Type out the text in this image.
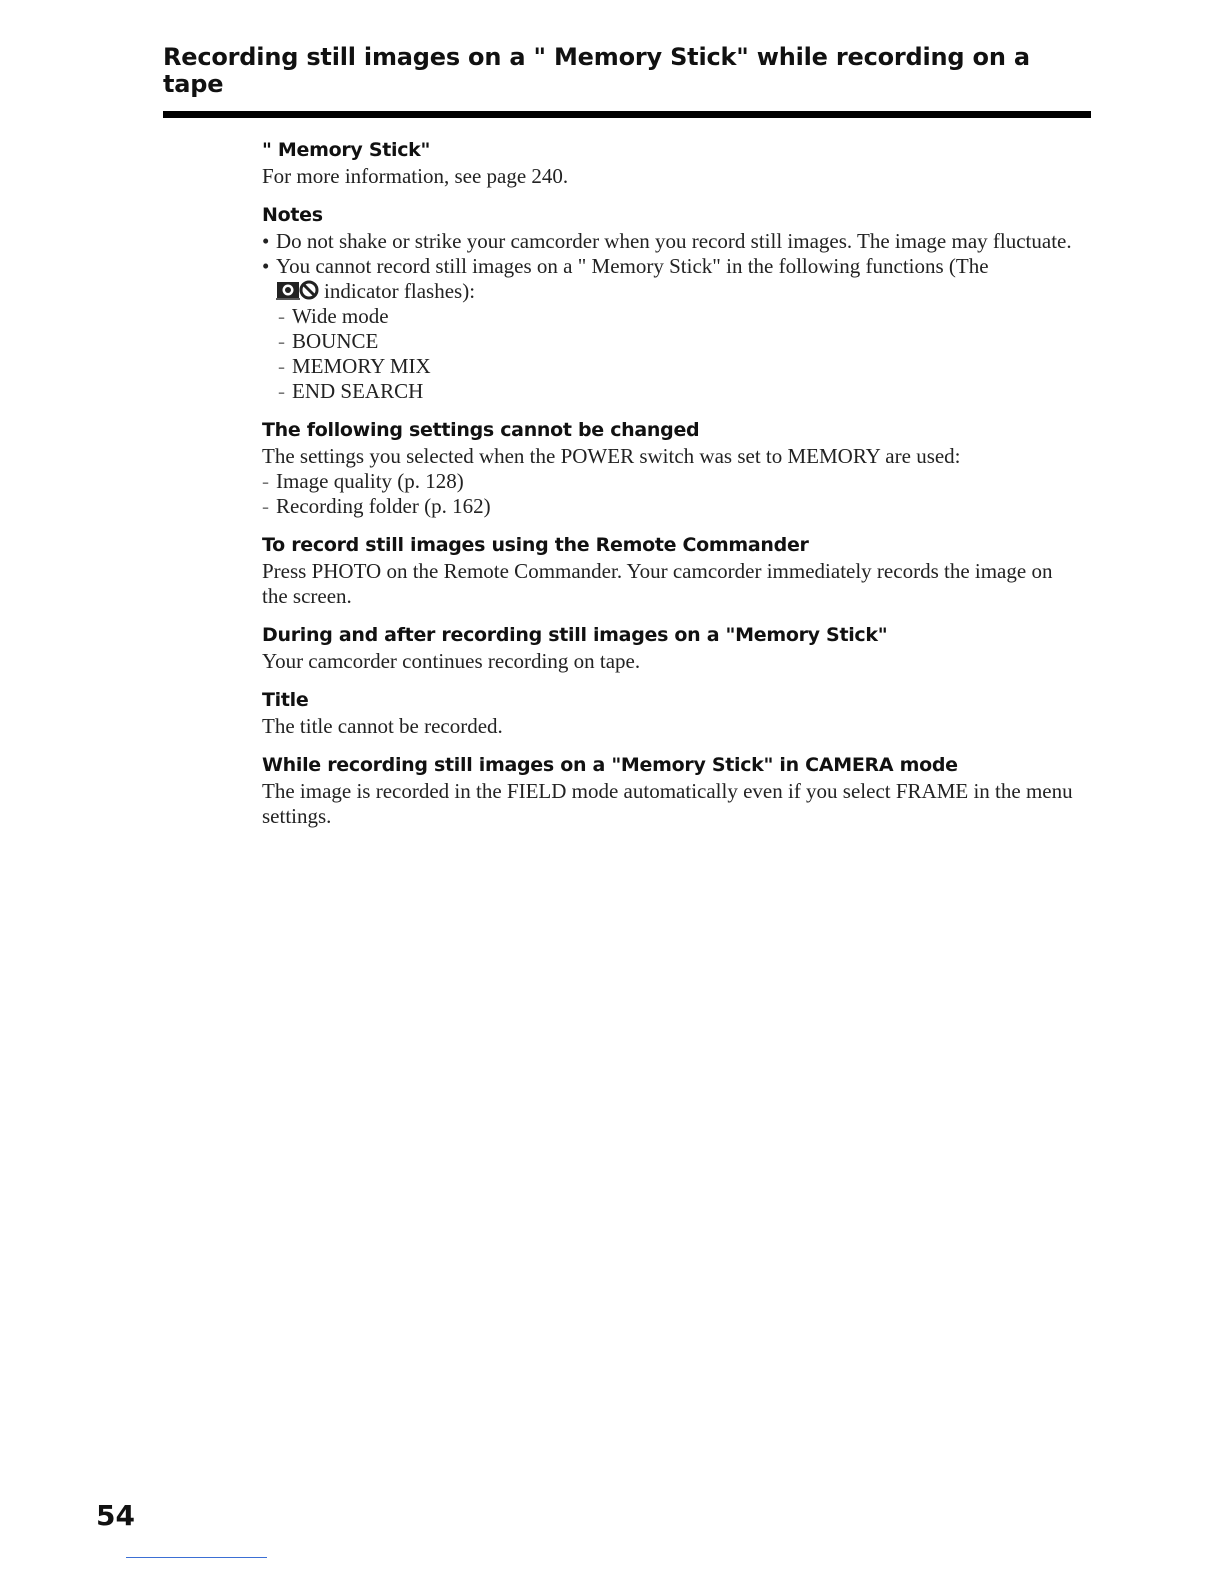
Recording still images on a " Memory Stick" while recording on a tape
" Memory Stick"

For more information, see page 240.

Notes

• Do not shake or strike your camcorder when you record still images. The image may fluctuate.

• You cannot record still images on a " Memory Stick" in the following functions (The
indicator flashes):

- Wide mode

- BOUNCE

- MEMORY MIX

- END SEARCH

The following settings cannot be changed

The settings you selected when the POWER switch was set to MEMORY are used:

- Image quality (p. 128)

- Recording folder (p. 162)

To record still images using the Remote Commander

Press PHOTO on the Remote Commander. Your camcorder immediately records the image on the screen.

During and after recording still images on a "Memory Stick"

Your camcorder continues recording on tape.

Title

The title cannot be recorded.

While recording still images on a "Memory Stick" in CAMERA mode

The image is recorded in the FIELD mode automatically even if you select FRAME in the menu settings.

54
